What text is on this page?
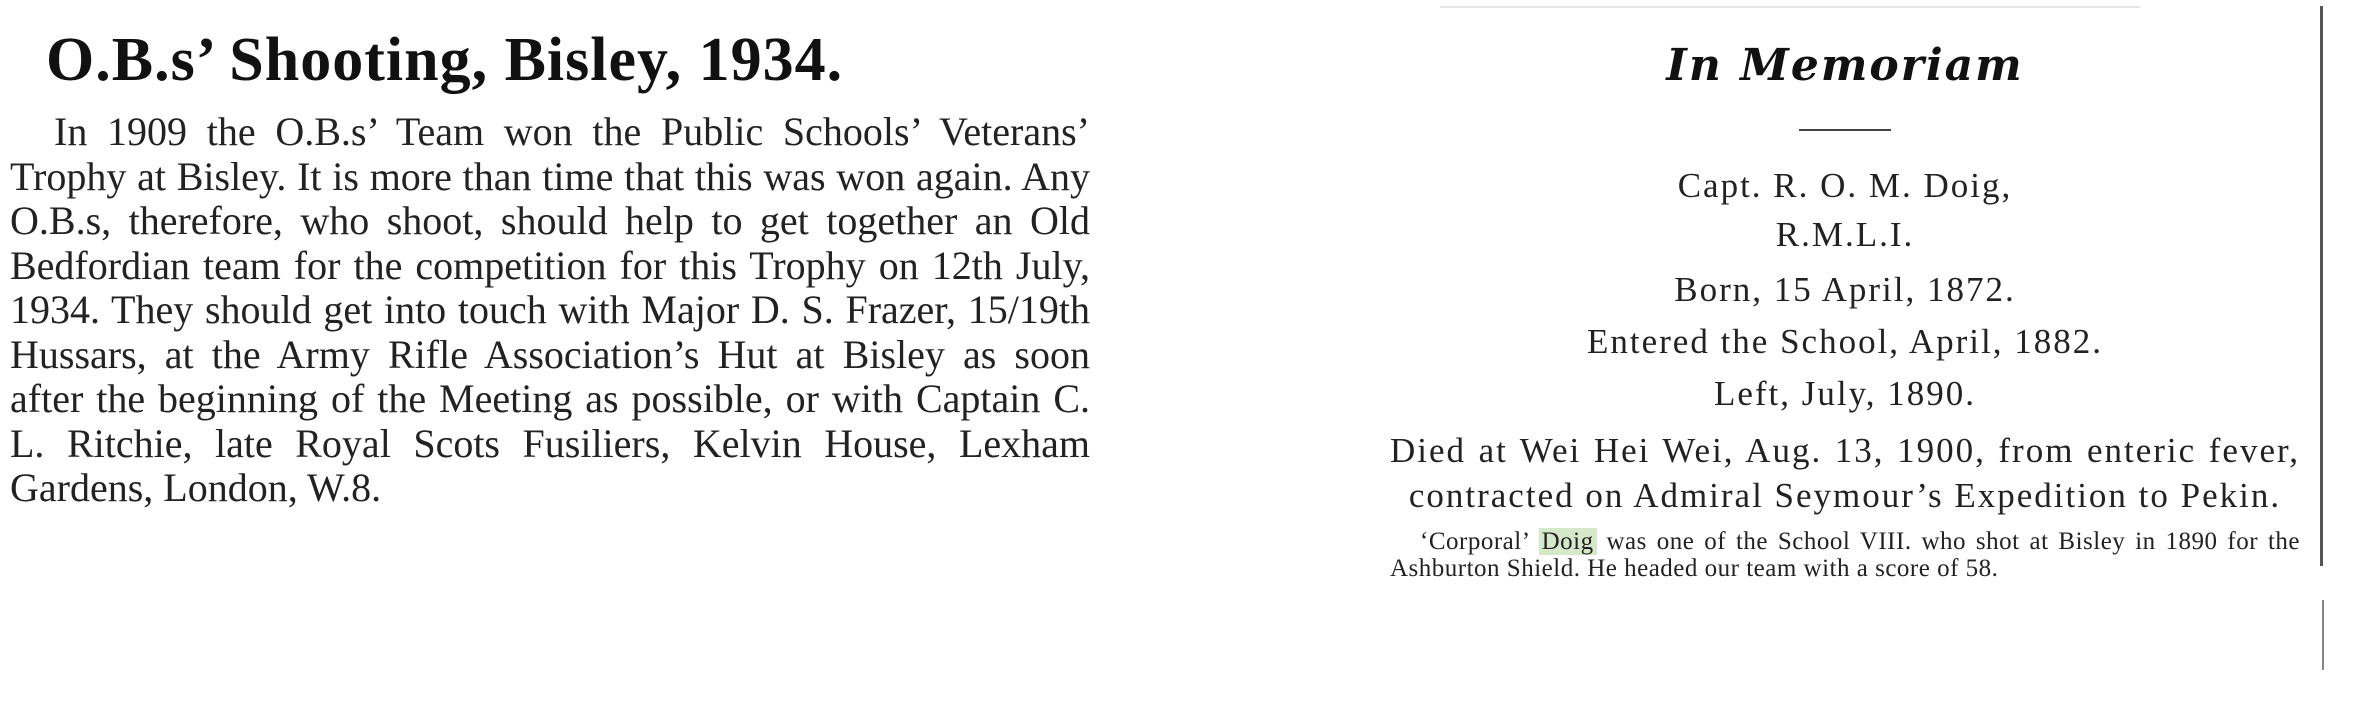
O.B.s’ Shooting, Bisley, 1934.

In 1909 the O.B.s’ Team won the Public Schools’ Veterans’ Trophy at Bisley. It is more than time that this was won again. Any O.B.s, therefore, who shoot, should help to get together an Old Bedfordian team for the competition for this Trophy on 12th July, 1934. They should get into touch with Major D. S. Frazer, 15/19th Hussars, at the Army Rifle Association’s Hut at Bisley as soon after the beginning of the Meeting as possible, or with Captain C. L. Ritchie, late Royal Scots Fusiliers, Kelvin House, Lexham Gardens, London, W.8.

In Memoriam
Capt. R. O. M. Doig,
R.M.L.I.
Born, 15 April, 1872.
Entered the School, April, 1882.
Left, July, 1890.
Died at Wei Hei Wei, Aug. 13, 1900, from enteric fever, contracted on Admiral Seymour’s Expedition to Pekin.
‘Corporal’ Doig was one of the School VIII. who shot at Bisley in 1890 for the Ashburton Shield. He headed our team with a score of 58.
